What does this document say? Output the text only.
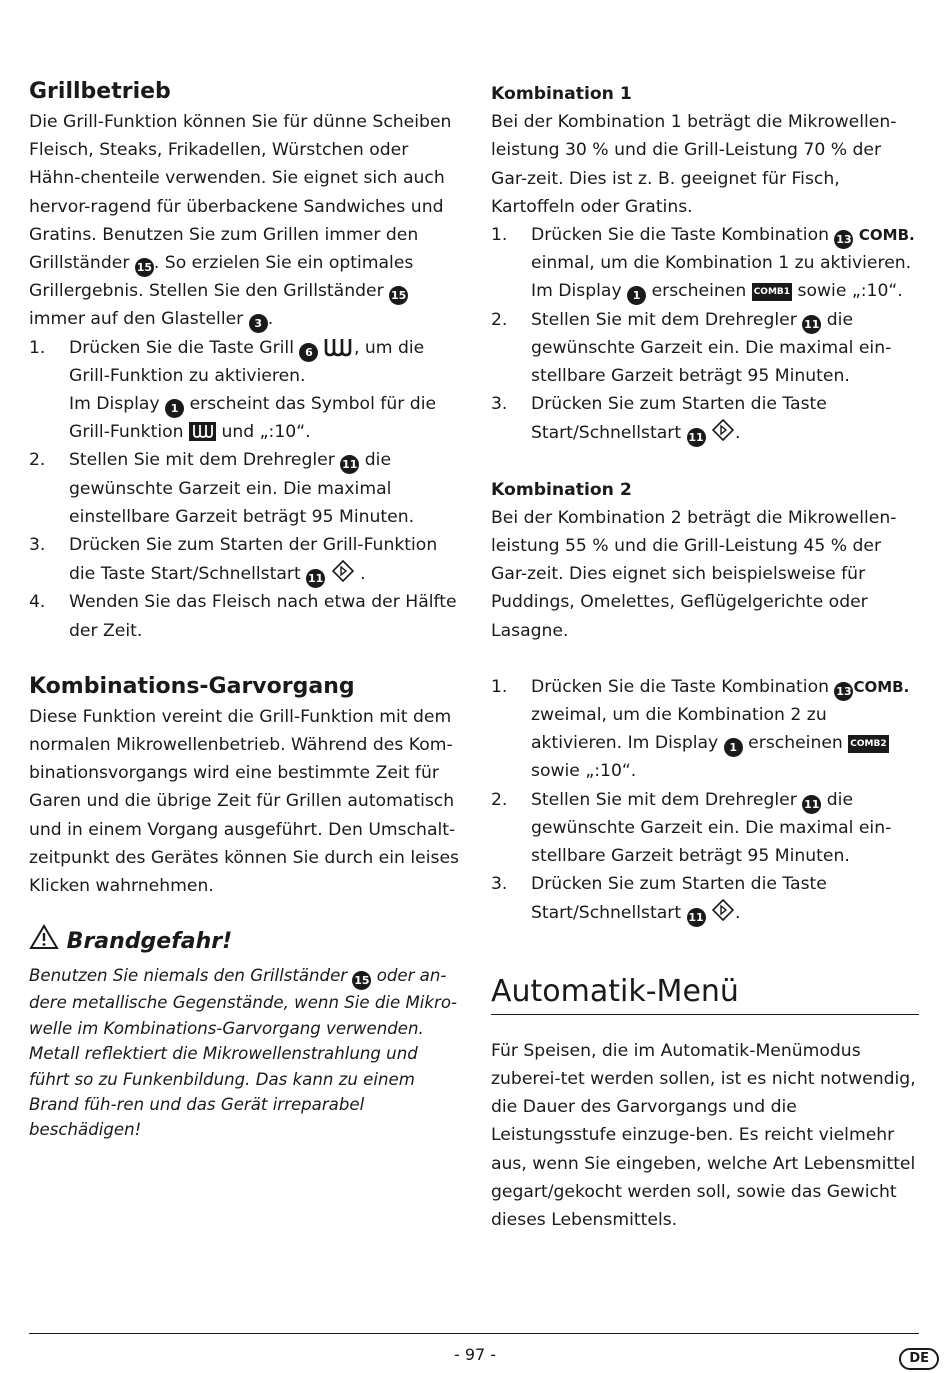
Grillbetrieb

Die Grill-Funktion können Sie für dünne Scheiben Fleisch, Steaks, Frikadellen, Würstchen oder Hähn-chenteile verwenden. Sie eignet sich auch hervor-ragend für überbackene Sandwiches und Gratins. Benutzen Sie zum Grillen immer den Grillständer 15 . So erzielen Sie ein optimales Grillergebnis. Stellen Sie den Grillständer 15 immer auf den Glasteller 3 .

1. Drücken Sie die Taste Grill 6 , um die Grill-Funktion zu aktivieren.
Im Display 1 erscheint das Symbol für die Grill-Funktion und „:10“.
2. Stellen Sie mit dem Drehregler 11 die gewünschte Garzeit ein. Die maximal einstellbare Garzeit beträgt 95 Minuten.
3. Drücken Sie zum Starten der Grill-Funktion die Taste Start/Schnellstart 11 .
4. Wenden Sie das Fleisch nach etwa der Hälfte der Zeit.
Kombinations-Garvorgang

Diese Funktion vereint die Grill-Funktion mit dem normalen Mikrowellenbetrieb. Während des Kom-binationsvorgangs wird eine bestimmte Zeit für Garen und die übrige Zeit für Grillen automatisch und in einem Vorgang ausgeführt. Den Umschalt-zeitpunkt des Gerätes können Sie durch ein leises Klicken wahrnehmen.

Brandgefahr!

Benutzen Sie niemals den Grillständer 15 oder an-dere metallische Gegenstände, wenn Sie die Mikro-welle im Kombinations-Garvorgang verwenden. Metall reflektiert die Mikrowellenstrahlung und führt so zu Funkenbildung. Das kann zu einem Brand füh-ren und das Gerät irreparabel beschädigen!

Kombination 1

Bei der Kombination 1 beträgt die Mikrowellen-leistung 30 % und die Grill-Leistung 70 % der Gar-zeit. Dies ist z. B. geeignet für Fisch, Kartoffeln oder Gratins.

1. Drücken Sie die Taste Kombination 13 COMB. einmal, um die Kombination 1 zu aktivieren. Im Display 1 erscheinen COMB1 sowie „:10“.
2. Stellen Sie mit dem Drehregler 11 die gewünschte Garzeit ein. Die maximal ein-stellbare Garzeit beträgt 95 Minuten.
3. Drücken Sie zum Starten die Taste Start/Schnellstart 11 .
Kombination 2

Bei der Kombination 2 beträgt die Mikrowellen-leistung 55 % und die Grill-Leistung 45 % der Gar-zeit. Dies eignet sich beispielsweise für Puddings, Omelettes, Geflügelgerichte oder Lasagne.

1. Drücken Sie die Taste Kombination 13 COMB. zweimal, um die Kombination 2 zu aktivieren. Im Display 1 erscheinen COMB2 sowie „:10“.
2. Stellen Sie mit dem Drehregler 11 die gewünschte Garzeit ein. Die maximal ein-stellbare Garzeit beträgt 95 Minuten.
3. Drücken Sie zum Starten die Taste Start/Schnellstart 11 .
Automatik-Menü

Für Speisen, die im Automatik-Menümodus zuberei-tet werden sollen, ist es nicht notwendig, die Dauer des Garvorgangs und die Leistungsstufe einzuge-ben. Es reicht vielmehr aus, wenn Sie eingeben, welche Art Lebensmittel gegart/gekocht werden soll, sowie das Gewicht dieses Lebensmittels.

- 97 -	DE
